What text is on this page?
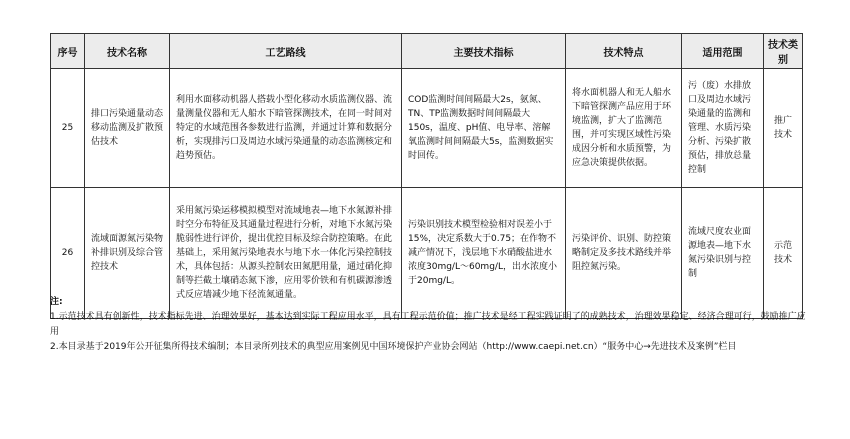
序号	技术名称	工艺路线	主要技术指标	技术特点	适用范围	技术类别
25	排口污染通量动态移动监测及扩散预估技术	利用水面移动机器人搭载小型化移动水质监测仪器、流量测量仪器和无人船水下暗管探测技术，在同一时间对特定的水域范围各参数进行监测，并通过计算和数据分析，实现排污口及周边水域污染通量的动态监测核定和趋势预估。	COD监测时间间隔最大2s，氨氮、TN、TP监测数据时间间隔最大150s，温度、pH值、电导率、溶解氧监测时间间隔最大5s，监测数据实时回传。	将水面机器人和无人船水下暗管探测产品应用于环境监测，扩大了监测范围，并可实现区域性污染成因分析和水质预警，为应急决策提供依据。	污（废）水排放口及周边水域污染通量的监测和管理、水质污染分析、污染扩散预估，排放总量控制	推广技术
26	流域面源氮污染物补排识别及综合管控技术	采用氮污染运移模拟模型对流域地表—地下水氮源补排时空分布特征及其通量过程进行分析，对地下水氮污染脆弱性进行评价，提出优控目标及综合防控策略。在此基础上，采用氮污染地表水与地下水一体化污染控制技术，具体包括：从源头控制农田氮肥用量，通过硝化抑制等拦截土壤硝态氮下渗，应用零价铁和有机碳源渗透式反应墙减少地下径流氮通量。	污染识别技术模型检验相对误差小于15%，决定系数大于0.75；在作物不减产情况下，浅层地下水硝酸盐进水浓度30mg/L～60mg/L，出水浓度小于20mg/L。	污染评价、识别、防控策略制定及多技术路线并举阻控氮污染。	流域尺度农业面源地表—地下水氮污染识别与控制	示范技术
注:
1.示范技术具有创新性，技术指标先进、治理效果好，基本达到实际工程应用水平，具有工程示范价值；推广技术是经工程实践证明了的成熟技术，治理效果稳定、经济合理可行，鼓励推广应用
2.本目录基于2019年公开征集所得技术编制；本目录所列技术的典型应用案例见中国环境保护产业协会网站（http://www.caepi.net.cn）“服务中心→先进技术及案例”栏目
